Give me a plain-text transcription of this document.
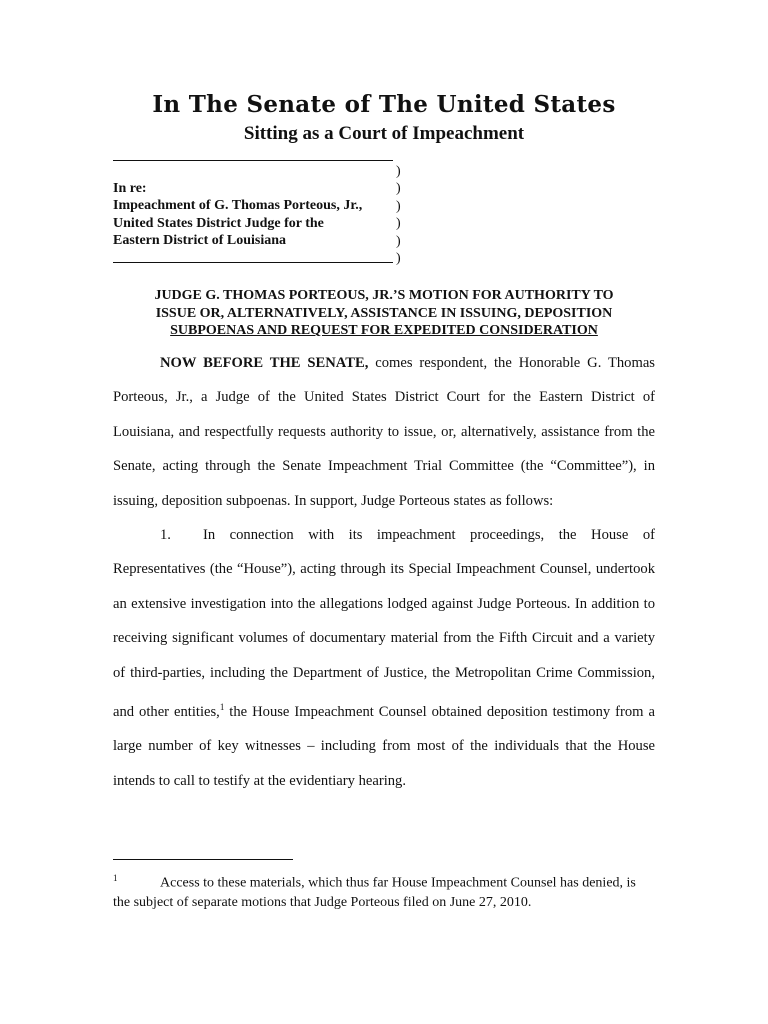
In The Senate of The United States
Sitting as a Court of Impeachment
)
)
)
)
)
)
In re:
Impeachment of G. Thomas Porteous, Jr.,
United States District Judge for the
Eastern District of Louisiana
JUDGE G. THOMAS PORTEOUS, JR.’S MOTION FOR AUTHORITY TO
ISSUE OR, ALTERNATIVELY, ASSISTANCE IN ISSUING, DEPOSITION
SUBPOENAS AND REQUEST FOR EXPEDITED CONSIDERATION

NOW BEFORE THE SENATE, comes respondent, the Honorable G. Thomas Porteous, Jr., a Judge of the United States District Court for the Eastern District of Louisiana, and respectfully requests authority to issue, or, alternatively, assistance from the Senate, acting through the Senate Impeachment Trial Committee (the “Committee”), in issuing, deposition subpoenas. In support, Judge Porteous states as follows:

1. In connection with its impeachment proceedings, the House of Representatives (the “House”), acting through its Special Impeachment Counsel, undertook an extensive investigation into the allegations lodged against Judge Porteous. In addition to receiving significant volumes of documentary material from the Fifth Circuit and a variety of third-parties, including the Department of Justice, the Metropolitan Crime Commission, and other entities,$^1$ the House Impeachment Counsel obtained deposition testimony from a large number of key witnesses – including from most of the individuals that the House intends to call to testify at the evidentiary hearing.

$^1$	Access to these materials, which thus far House Impeachment Counsel has denied, is the subject of separate motions that Judge Porteous filed on June 27, 2010.
